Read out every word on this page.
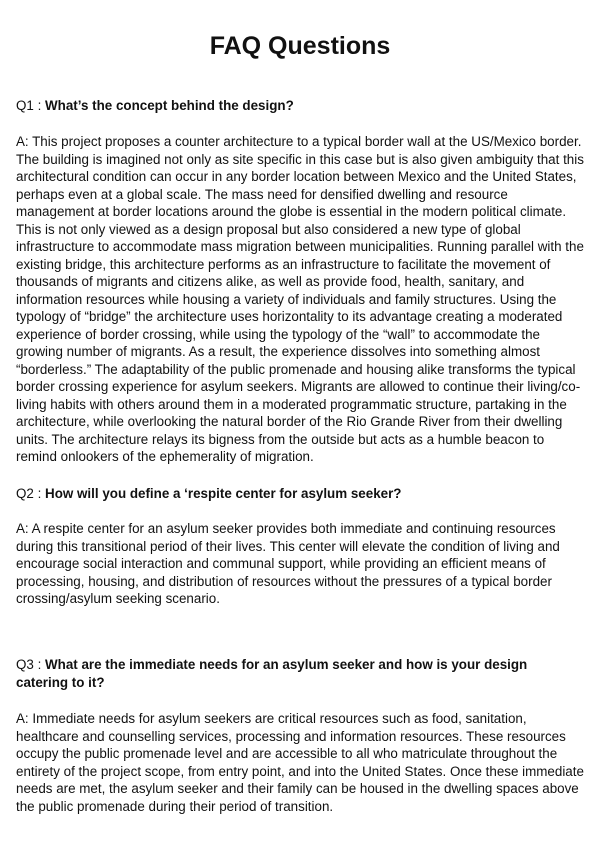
FAQ Questions

Q1 : What’s the concept behind the design?

A: This project proposes a counter architecture to a typical border wall at the US/Mexico border. The building is imagined not only as site specific in this case but is also given ambiguity that this architectural condition can occur in any border location between Mexico and the United States, perhaps even at a global scale. The mass need for densified dwelling and resource management at border locations around the globe is essential in the modern political climate. This is not only viewed as a design proposal but also considered a new type of global infrastructure to accommodate mass migration between municipalities. Running parallel with the existing bridge, this architecture performs as an infrastructure to facilitate the movement of thousands of migrants and citizens alike, as well as provide food, health, sanitary, and information resources while housing a variety of individuals and family structures. Using the typology of “bridge” the architecture uses horizontality to its advantage creating a moderated experience of border crossing, while using the typology of the “wall” to accommodate the growing number of migrants. As a result, the experience dissolves into something almost “borderless.” The adaptability of the public promenade and housing alike transforms the typical border crossing experience for asylum seekers. Migrants are allowed to continue their living/co-living habits with others around them in a moderated programmatic structure, partaking in the architecture, while overlooking the natural border of the Rio Grande River from their dwelling units. The architecture relays its bigness from the outside but acts as a humble beacon to remind onlookers of the ephemerality of migration.

Q2 : How will you define a ‘respite center for asylum seeker?

A: A respite center for an asylum seeker provides both immediate and continuing resources during this transitional period of their lives. This center will elevate the condition of living and encourage social interaction and communal support, while providing an efficient means of processing, housing, and distribution of resources without the pressures of a typical border crossing/asylum seeking scenario.

Q3 : What are the immediate needs for an asylum seeker and how is your design catering to it?

A: Immediate needs for asylum seekers are critical resources such as food, sanitation, healthcare and counselling services, processing and information resources. These resources occupy the public promenade level and are accessible to all who matriculate throughout the entirety of the project scope, from entry point, and into the United States. Once these immediate needs are met, the asylum seeker and their family can be housed in the dwelling spaces above the public promenade during their period of transition.
